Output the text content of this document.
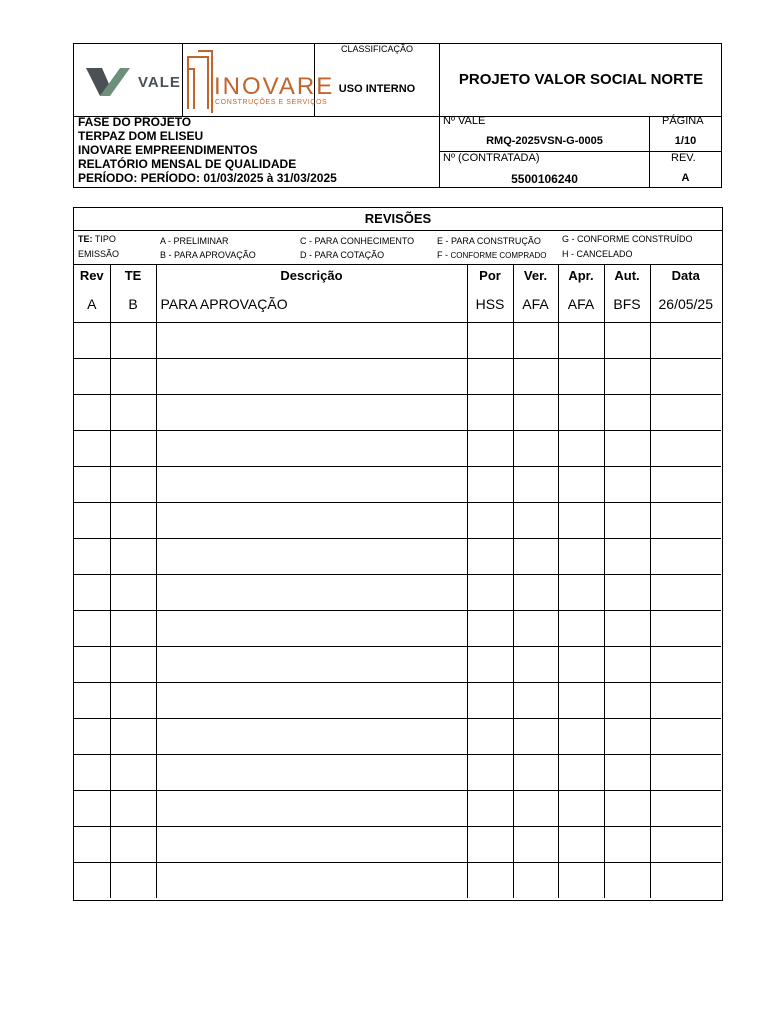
VALE INOVARE
CONSTRUÇÕES E SERVIÇOS
CLASSIFICAÇÃO
USO INTERNO
PROJETO VALOR SOCIAL NORTE
FASE DO PROJETO
TERPAZ DOM ELISEU
INOVARE EMPREENDIMENTOS
RELATÓRIO MENSAL DE QUALIDADE
PERÍODO: PERÍODO: 01/03/2025 à 31/03/2025
Nº VALE
RMQ-2025VSN-G-0005
PÁGINA
1/10
Nº (CONTRATADA)
5500106240
REV.
A
REVISÕES
TE: TIPO
EMISSÃO
A - PRELIMINAR
B - PARA APROVAÇÃO
C - PARA CONHECIMENTO
D - PARA COTAÇÃO
E - PARA CONSTRUÇÃO
F - CONFORME COMPRADO
G - CONFORME CONSTRUÍDO
H - CANCELADO
Rev	TE	Descrição	Por	Ver.	Apr.	Aut.	Data
A	B	PARA APROVAÇÃO	HSS	AFA	AFA	BFS	26/05/25
